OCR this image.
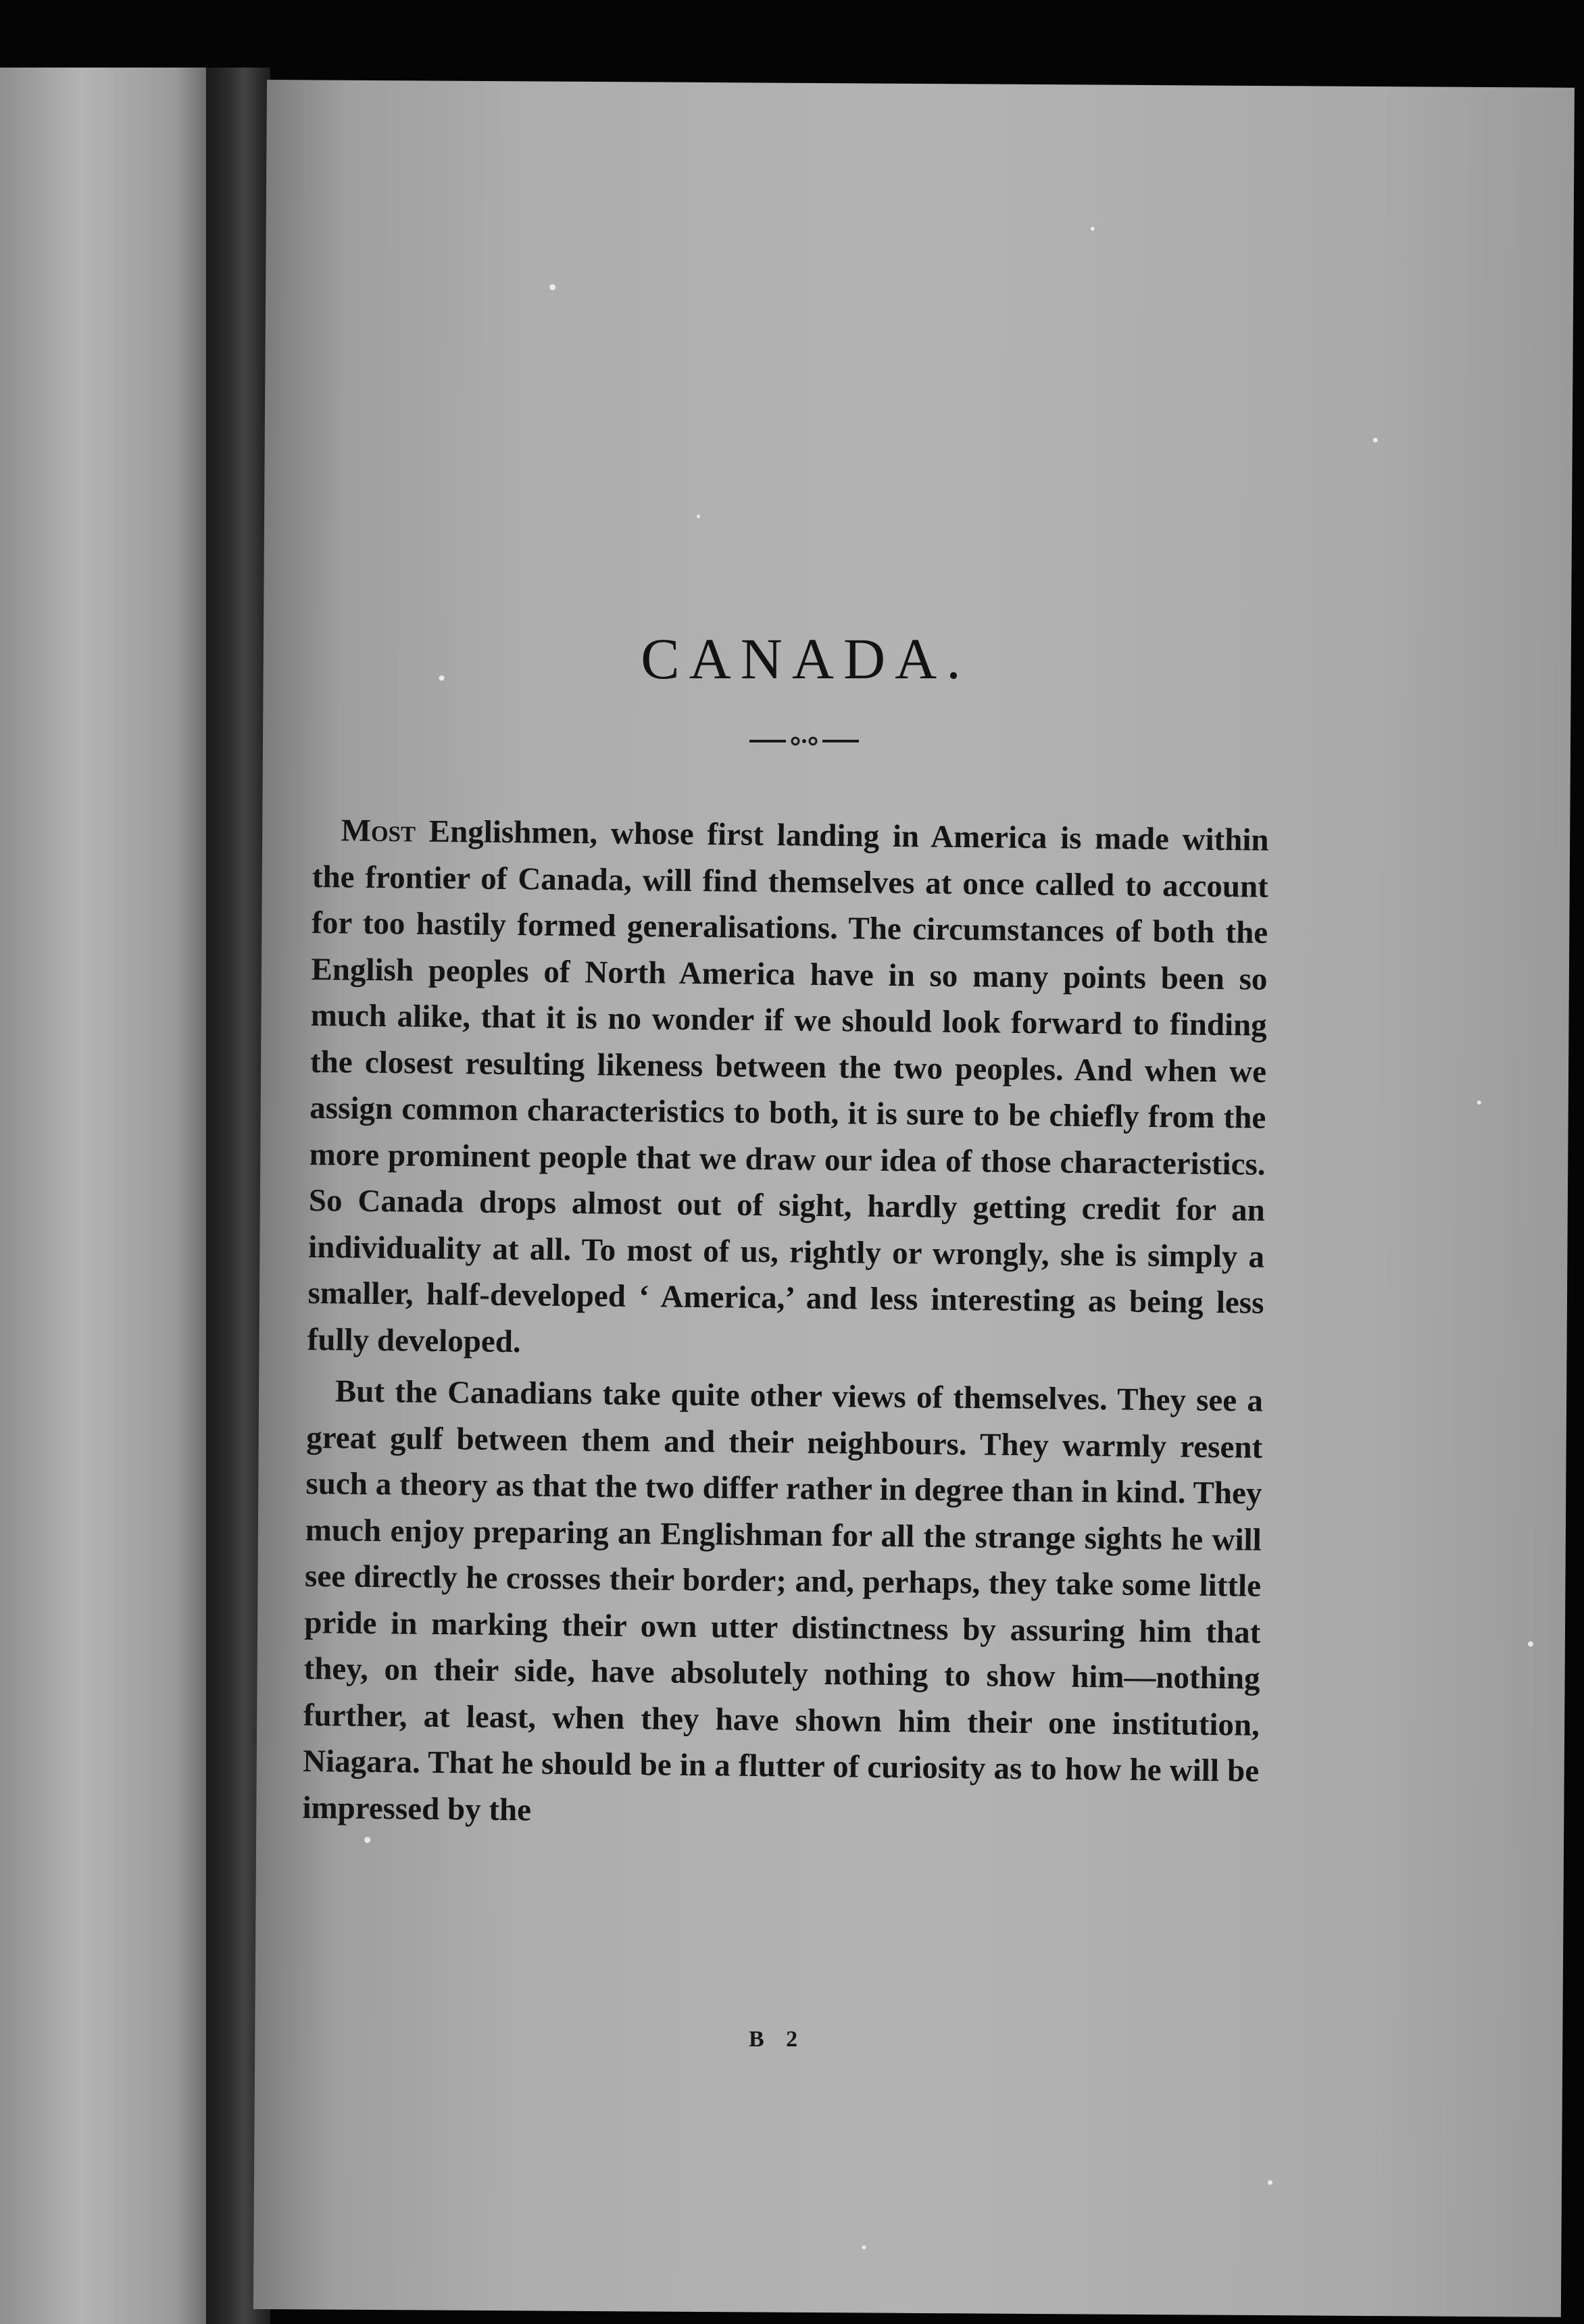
CANADA.

Most Englishmen, whose first landing in America is made within the frontier of Canada, will find themselves at once called to account for too hastily formed generalisations. The circumstances of both the English peoples of North America have in so many points been so much alike, that it is no wonder if we should look forward to finding the closest resulting likeness between the two peoples. And when we assign common characteristics to both, it is sure to be chiefly from the more prominent people that we draw our idea of those characteristics. So Canada drops almost out of sight, hardly getting credit for an individuality at all. To most of us, rightly or wrongly, she is simply a smaller, half-developed ‘ America,’ and less interesting as being less fully developed.

But the Canadians take quite other views of themselves. They see a great gulf between them and their neighbours. They warmly resent such a theory as that the two differ rather in degree than in kind. They much enjoy preparing an Englishman for all the strange sights he will see directly he crosses their border; and, perhaps, they take some little pride in marking their own utter distinctness by assuring him that they, on their side, have absolutely nothing to show him—nothing further, at least, when they have shown him their one institution, Niagara. That he should be in a flutter of curiosity as to how he will be impressed by the

B 2
